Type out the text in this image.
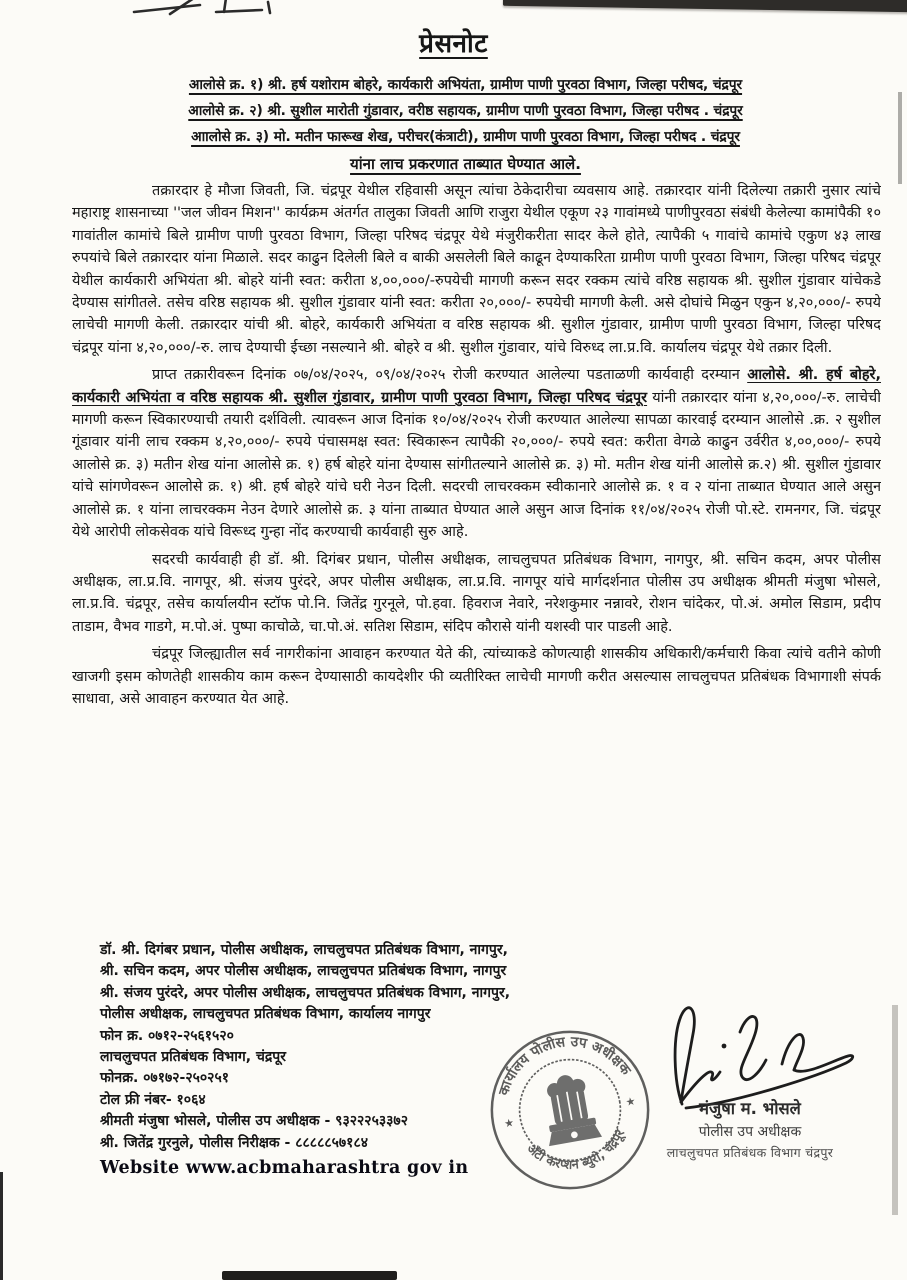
प्रेसनोट
आलोसे क्र. १) श्री. हर्ष यशोराम बोहरे, कार्यकारी अभियंता, ग्रामीण पाणी पुरवठा विभाग, जिल्हा परीषद, चंद्रपूर
आलोसे क्र. २) श्री. सुशील मारोती गुंडावार, वरीष्ठ सहायक, ग्रामीण पाणी पुरवठा विभाग, जिल्हा परीषद . चंद्रपूर
आालोसे क्र. ३) मो. मतीन फारूख शेख, परीचर(कंत्राटी), ग्रामीण पाणी पुरवठा विभाग, जिल्हा परीषद . चंद्रपूर
यांना लाच प्रकरणात ताब्यात घेण्यात आले.

तक्रारदार हे मौजा जिवती, जि. चंद्रपूर येथील रहिवासी असून त्यांचा ठेकेदारीचा व्यवसाय आहे. तक्रारदार यांनी दिलेल्या तक्रारी नुसार त्यांचे महाराष्ट्र शासनाच्या ''जल जीवन मिशन'' कार्यक्रम अंतर्गत तालुका जिवती आणि राजुरा येथील एकूण २३ गावांमध्ये पाणीपुरवठा संबंधी केलेल्या कामांपैकी १० गावांतील कामांचे बिले ग्रामीण पाणी पुरवठा विभाग, जिल्हा परिषद चंद्रपूर येथे मंजुरीकरीता सादर केले होते, त्यापैकी ५ गावांचे कामांचे एकुण ४३ लाख रुपयांचे बिले तक्रारदार यांना मिळाले. सदर काढुन दिलेली बिले व बाकी असलेली बिले काढून देण्याकरिता ग्रामीण पाणी पुरवठा विभाग, जिल्हा परिषद चंद्रपूर येथील कार्यकारी अभियंता श्री. बोहरे यांनी स्वत: करीता ४,००,०००/-रुपयेची मागणी करून सदर रक्कम त्यांचे वरिष्ठ सहायक श्री. सुशील गुंडावार यांचेकडे देण्यास सांगीतले. तसेच वरिष्ठ सहायक श्री. सुशील गुंडावार यांनी स्वत: करीता २०,०००/- रुपयेची मागणी केली. असे दोघांचे मिळुन एकुन ४,२०,०००/- रुपये लाचेची मागणी केली. तक्रारदार यांची श्री. बोहरे, कार्यकारी अभियंता व वरिष्ठ सहायक श्री. सुशील गुंडावार, ग्रामीण पाणी पुरवठा विभाग, जिल्हा परिषद चंद्रपूर यांना ४,२०,०००/-रु. लाच देण्याची ईच्छा नसल्याने श्री. बोहरे व श्री. सुशील गुंडावार, यांचे विरुध्द ला.प्र.वि. कार्यालय चंद्रपूर येथे तक्रार दिली.

प्राप्त तक्रारीवरून दिनांक ०७/०४/२०२५, ०९/०४/२०२५ रोजी करण्यात आलेल्या पडताळणी कार्यवाही दरम्यान आलोसे. श्री. हर्ष बोहरे, कार्यकारी अभियंता व वरिष्ठ सहायक श्री. सुशील गुंडावार, ग्रामीण पाणी पुरवठा विभाग, जिल्हा परिषद चंद्रपूर यांनी तक्रारदार यांना ४,२०,०००/-रु. लाचेची मागणी करून स्विकारण्याची तयारी दर्शविली. त्यावरून आज दिनांक १०/०४/२०२५ रोजी करण्यात आलेल्या सापळा कारवाई दरम्यान आलोसे .क्र. २ सुशील गूंडावार यांनी लाच रक्कम ४,२०,०००/- रुपये पंचासमक्ष स्वत: स्विकारून त्यापैकी २०,०००/- रुपये स्वत: करीता वेगळे काढुन उर्वरीत ४,००,०००/- रुपये आलोसे क्र. ३) मतीन शेख यांना आलोसे क्र. १) हर्ष बोहरे यांना देण्यास सांगीतल्याने आलोसे क्र. ३) मो. मतीन शेख यांनी आलोसे क्र.२) श्री. सुशील गुंडावार यांचे सांगणेवरून आलोसे क्र. १) श्री. हर्ष बोहरे यांचे घरी नेउन दिली. सदरची लाचरक्कम स्वीकानारे आलोसे क्र. १ व २ यांना ताब्यात घेण्यात आले असुन आलोसे क्र. १ यांना लाचरक्कम नेउन देणारे आलोसे क्र. ३ यांना ताब्यात घेण्यात आले असुन आज दिनांक ११/०४/२०२५ रोजी पो.स्टे. रामनगर, जि. चंद्रपूर येथे आरोपी लोकसेवक यांचे विरूध्द गुन्हा नोंद करण्याची कार्यवाही सुरु आहे.

सदरची कार्यवाही ही डॉ. श्री. दिगंबर प्रधान, पोलीस अधीक्षक, लाचलुचपत प्रतिबंधक विभाग, नागपुर, श्री. सचिन कदम, अपर पोलीस अधीक्षक, ला.प्र.वि. नागपूर, श्री. संजय पुरंदरे, अपर पोलीस अधीक्षक, ला.प्र.वि. नागपूर यांचे मार्गदर्शनात पोलीस उप अधीक्षक श्रीमती मंजुषा भोसले, ला.प्र.वि. चंद्रपूर, तसेच कार्यालयीन स्टॉफ पो.नि. जितेंद्र गुरनूले, पो.हवा. हिवराज नेवारे, नरेशकुमार नन्नावरे, रोशन चांदेकर, पो.अं. अमोल सिडाम, प्रदीप ताडाम, वैभव गाडगे, म.पो.अं. पुष्पा काचोळे, चा.पो.अं. सतिश सिडाम, संदिप कौरासे यांनी यशस्वी पार पाडली आहे.

चंद्रपूर जिल्ह्यातील सर्व नागरीकांना आवाहन करण्यात येते की, त्यांच्याकडे कोणत्याही शासकीय अधिकारी/कर्मचारी किवा त्यांचे वतीने कोणी खाजगी इसम कोणतेही शासकीय काम करून देण्यासाठी कायदेशीर फी व्यतीरिक्त लाचेची मागणी करीत असल्यास लाचलुचपत प्रतिबंधक विभागाशी संपर्क साधावा, असे आवाहन करण्यात येत आहे.

डॉ. श्री. दिगंबर प्रधान, पोलीस अधीक्षक, लाचलुचपत प्रतिबंधक विभाग, नागपुर,
श्री. सचिन कदम, अपर पोलीस अधीक्षक, लाचलुचपत प्रतिबंधक विभाग, नागपुर
श्री. संजय पुरंदरे, अपर पोलीस अधीक्षक, लाचलुचपत प्रतिबंधक विभाग, नागपुर,
पोलीस अधीक्षक, लाचलुचपत प्रतिबंधक विभाग, कार्यालय नागपुर
फोन क्र. ०७१२-२५६१५२०
लाचलुचपत प्रतिबंधक विभाग, चंद्रपूर
फोनक्र. ०७१७२-२५०२५१
टोल फ्री नंबर- १०६४
श्रीमती मंजुषा भोसले, पोलीस उप अधीक्षक - ९३२२२५३३७२
श्री. जितेंद्र गुरनुले, पोलीस निरीक्षक - ८८८८८५७१८४
Website www.acbmaharashtra gov in
कार्यालय पोलीस उप अधीक्षक
अँटी करप्शन ब्युरो, चंद्रपूर
★
★	मंजुषा म. भोसले
पोलीस उप अधीक्षक
लाचलुचपत प्रतिबंधक विभाग चंद्रपुर
